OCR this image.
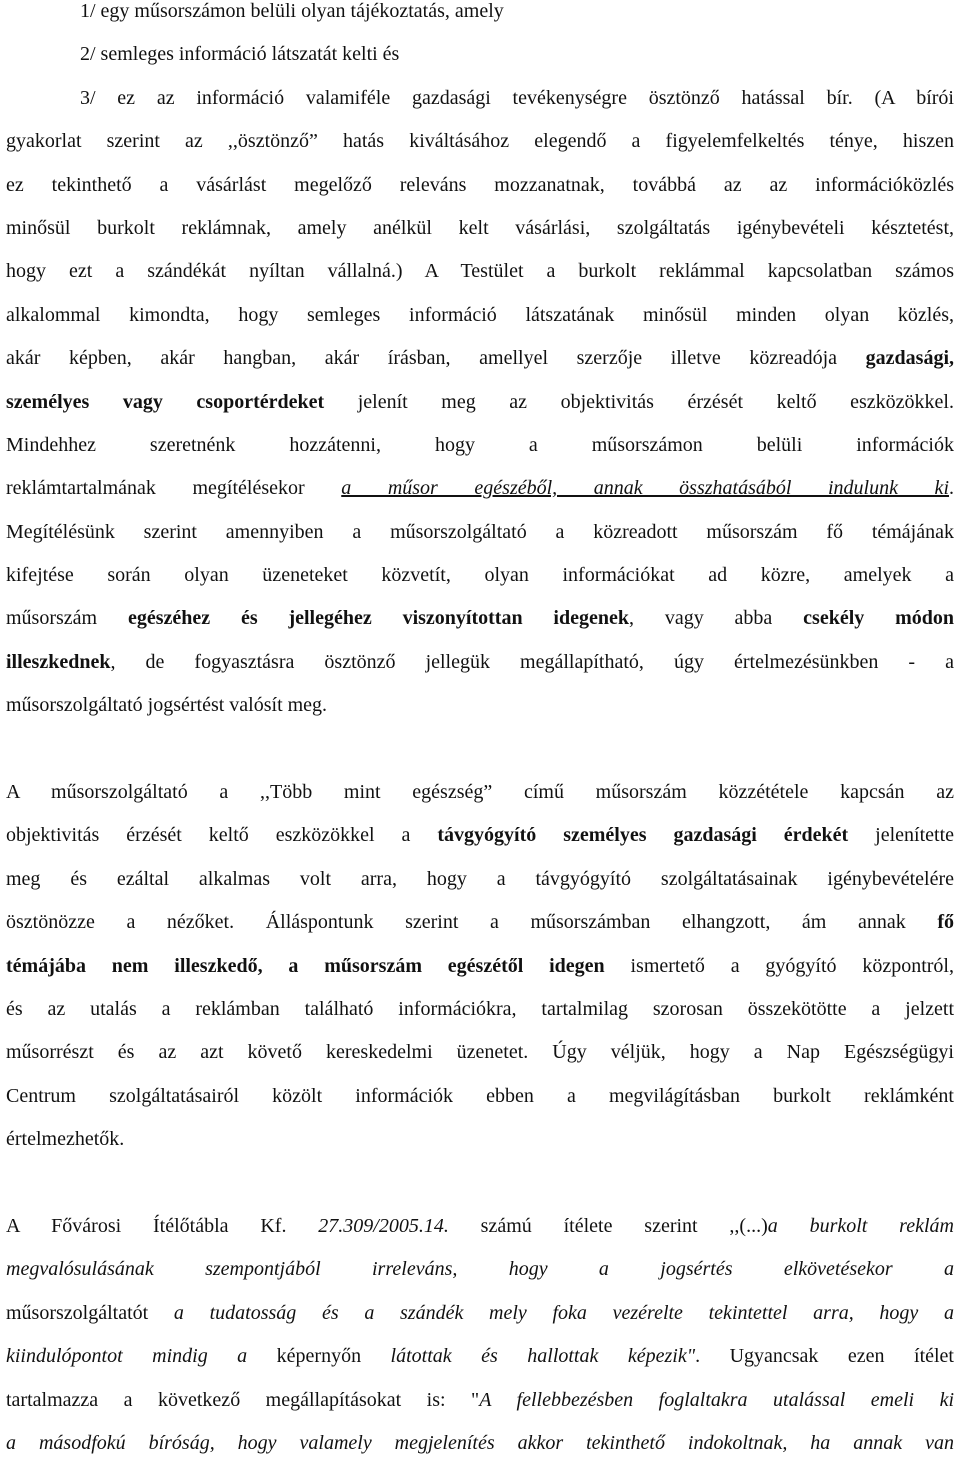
1/ egy műsorszámon belüli olyan tájékoztatás, amely
2/ semleges információ látszatát kelti és
3/ ez az információ valamiféle gazdasági tevékenységre ösztönző hatással bír. (A bírói
gyakorlat szerint az ,,ösztönző” hatás kiváltásához elegendő a figyelemfelkeltés ténye, hiszen
ez tekinthető a vásárlást megelőző releváns mozzanatnak, továbbá az az információközlés
minősül burkolt reklámnak, amely anélkül kelt vásárlási, szolgáltatás igénybevételi késztetést,
hogy ezt a szándékát nyíltan vállalná.) A Testület a burkolt reklámmal kapcsolatban számos
alkalommal kimondta, hogy semleges információ látszatának minősül minden olyan közlés,
akár képben, akár hangban, akár írásban, amellyel szerzője illetve közreadója gazdasági,
személyes vagy csoportérdeket jelenít meg az objektivitás érzését keltő eszközökkel.
Mindehhez szeretnénk hozzátenni, hogy a műsorszámon belüli információk
reklámtartalmának megítélésekor a műsor egészéből, annak összhatásából indulunk ki.
Megítélésünk szerint amennyiben a műsorszolgáltató a közreadott műsorszám fő témájának
kifejtése során olyan üzeneteket közvetít, olyan információkat ad közre, amelyek a
műsorszám egészéhez és jellegéhez viszonyítottan idegenek, vagy abba csekély módon
illeszkednek, de fogyasztásra ösztönző jellegük megállapítható, úgy értelmezésünkben - a
műsorszolgáltató jogsértést valósít meg.
A műsorszolgáltató a ,,Több mint egészség” című műsorszám közzététele kapcsán az
objektivitás érzését keltő eszközökkel a távgyógyító személyes gazdasági érdekét jelenítette
meg és ezáltal alkalmas volt arra, hogy a távgyógyító szolgáltatásainak igénybevételére
ösztönözze a nézőket. Álláspontunk szerint a műsorszámban elhangzott, ám annak fő
témájába nem illeszkedő, a műsorszám egészétől idegen ismertető a gyógyító központról,
és az utalás a reklámban található információkra, tartalmilag szorosan összekötötte a jelzett
műsorrészt és az azt követő kereskedelmi üzenetet. Úgy véljük, hogy a Nap Egészségügyi
Centrum szolgáltatásairól közölt információk ebben a megvilágításban burkolt reklámként
értelmezhetők.
A Fővárosi Ítélőtábla Kf. 27.309/2005.14. számú ítélete szerint ,,(...)a burkolt reklám
megvalósulásának szempontjából irreleváns, hogy a jogsértés elkövetésekor a
műsorszolgáltatót a tudatosság és a szándék mely foka vezérelte tekintettel arra, hogy a
kiindulópontot mindig a képernyőn látottak és hallottak képezik". Ugyancsak ezen ítélet
tartalmazza a következő megállapításokat is: "A fellebbezésben foglaltakra utalással emeli ki
a másodfokú bíróság, hogy valamely megjelenítés akkor tekinthető indokoltnak, ha annak van
